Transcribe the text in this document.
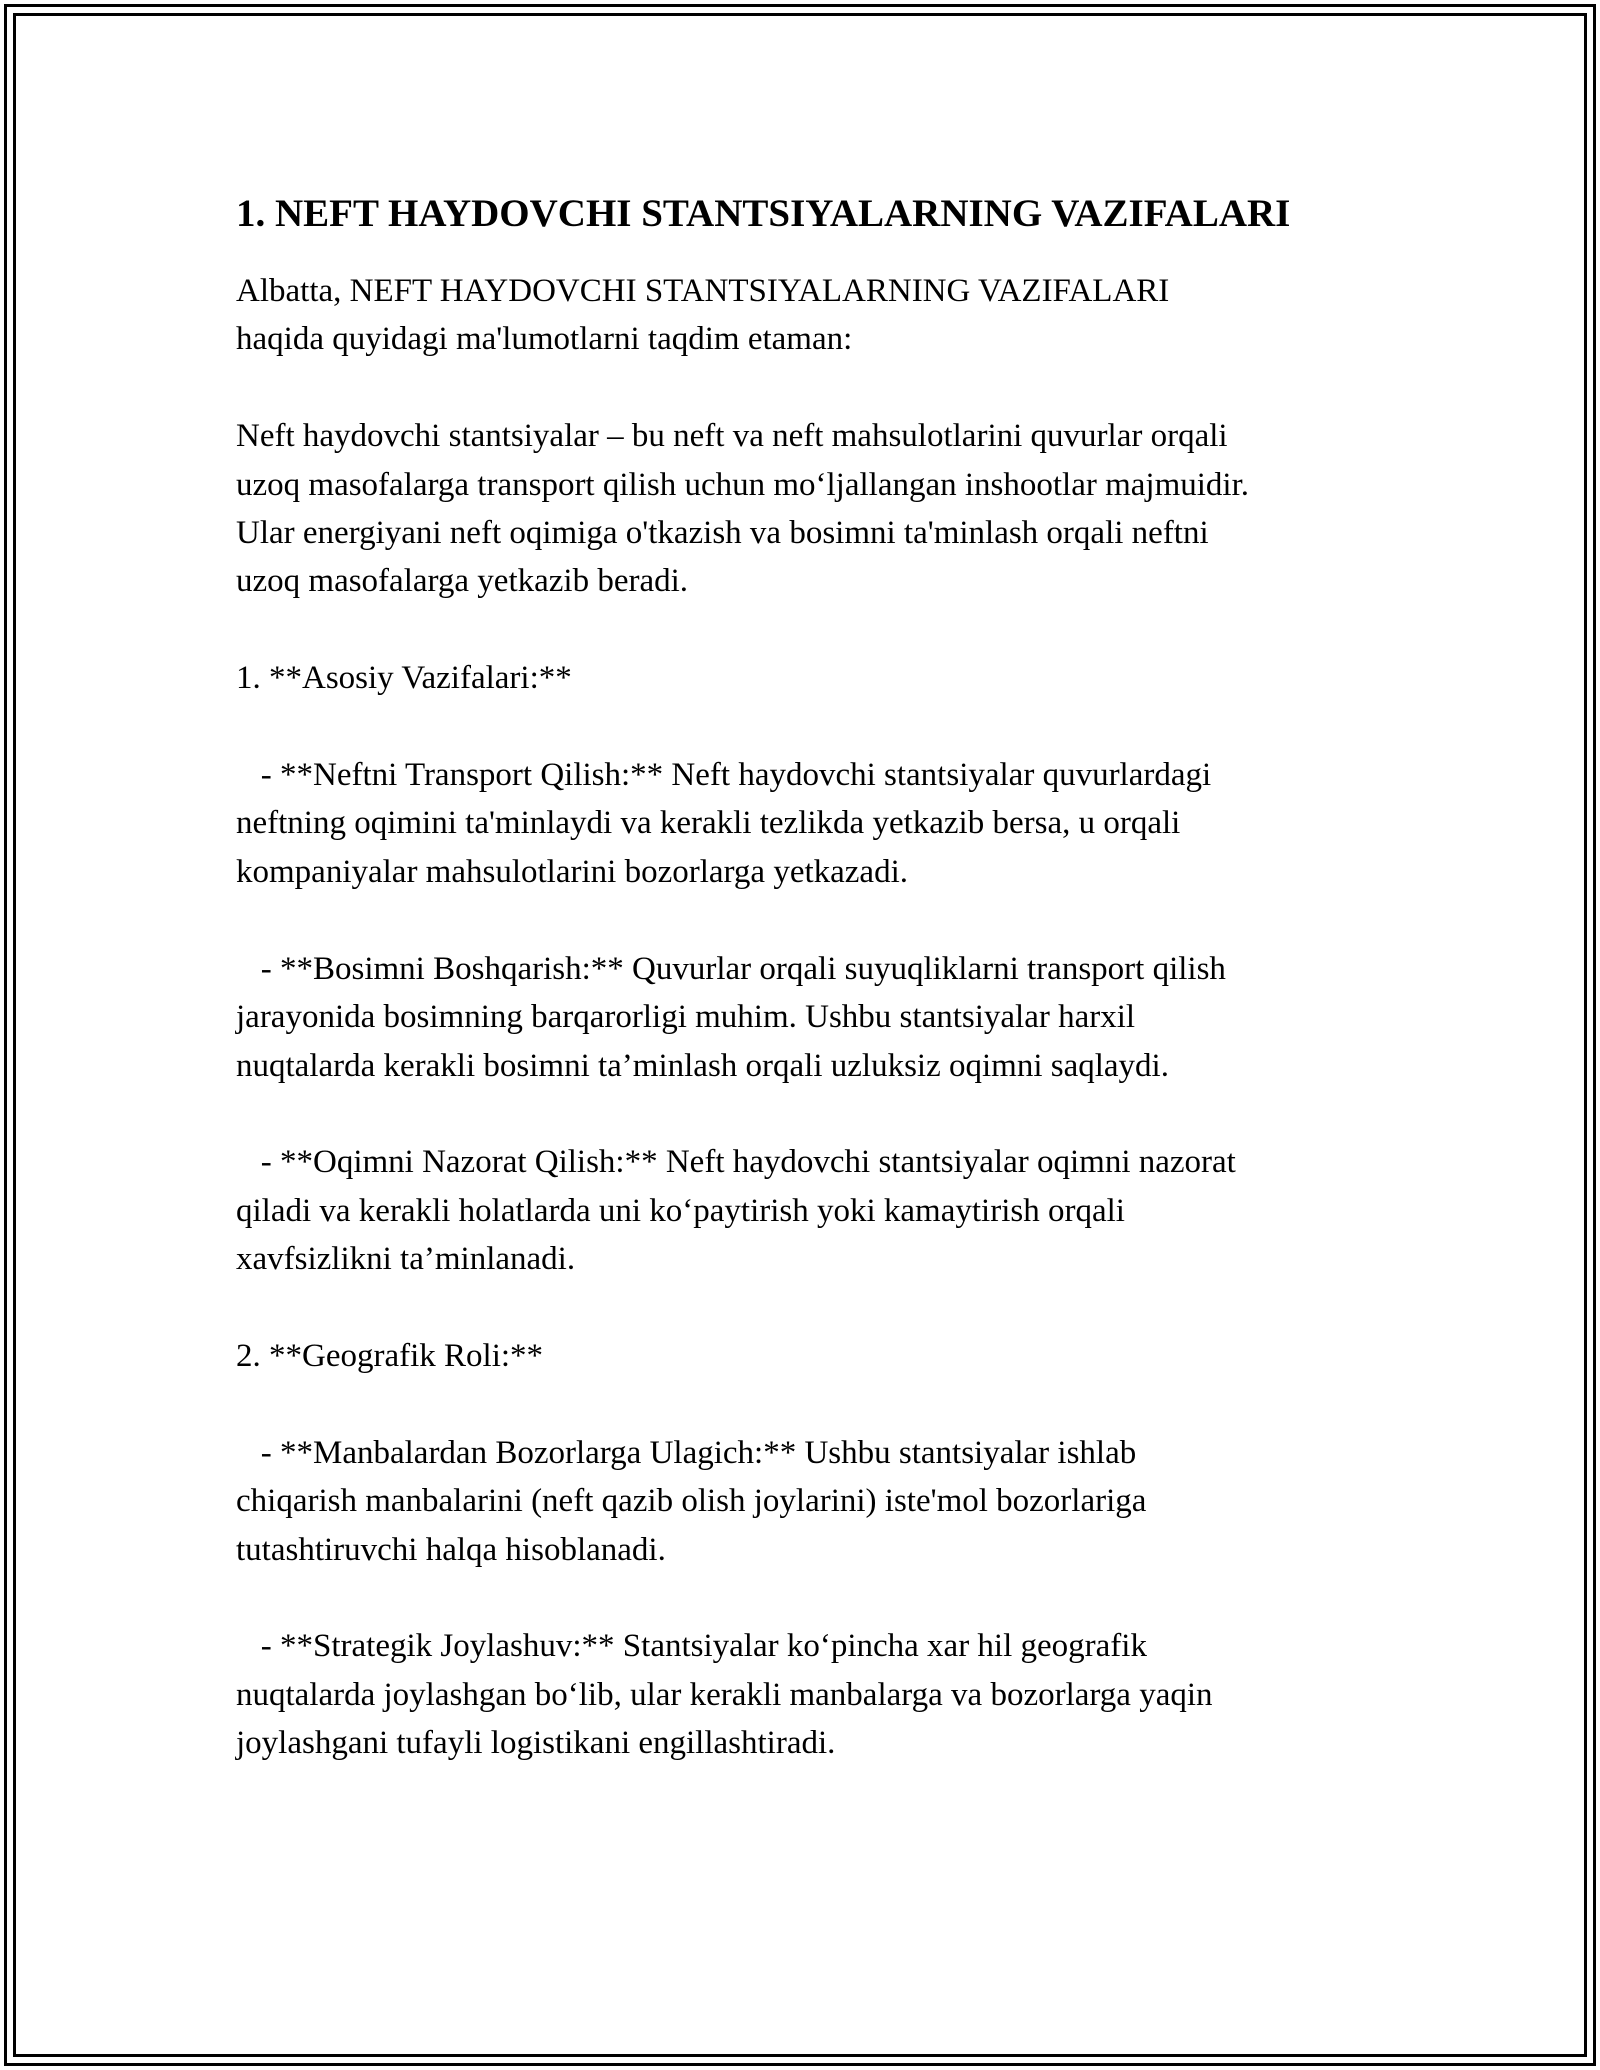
1. NEFT HAYDOVCHI STANTSIYALARNING VAZIFALARI

Albatta, NEFT HAYDOVCHI STANTSIYALARNING VAZIFALARI
haqida quyidagi ma'lumotlarni taqdim etaman:

Neft haydovchi stantsiyalar – bu neft va neft mahsulotlarini quvurlar orqali
uzoq masofalarga transport qilish uchun moʻljallangan inshootlar majmuidir.
Ular energiyani neft oqimiga o'tkazish va bosimni ta'minlash orqali neftni
uzoq masofalarga yetkazib beradi.

1. **Asosiy Vazifalari:**

- **Neftni Transport Qilish:** Neft haydovchi stantsiyalar quvurlardagi
neftning oqimini ta'minlaydi va kerakli tezlikda yetkazib bersa, u orqali
kompaniyalar mahsulotlarini bozorlarga yetkazadi.

- **Bosimni Boshqarish:** Quvurlar orqali suyuqliklarni transport qilish
jarayonida bosimning barqarorligi muhim. Ushbu stantsiyalar harxil
nuqtalarda kerakli bosimni ta’minlash orqali uzluksiz oqimni saqlaydi.

- **Oqimni Nazorat Qilish:** Neft haydovchi stantsiyalar oqimni nazorat
qiladi va kerakli holatlarda uni koʻpaytirish yoki kamaytirish orqali
xavfsizlikni ta’minlanadi.

2. **Geografik Roli:**

- **Manbalardan Bozorlarga Ulagich:** Ushbu stantsiyalar ishlab
chiqarish manbalarini (neft qazib olish joylarini) iste'mol bozorlariga
tutashtiruvchi halqa hisoblanadi.

- **Strategik Joylashuv:** Stantsiyalar koʻpincha xar hil geografik
nuqtalarda joylashgan boʻlib, ular kerakli manbalarga va bozorlarga yaqin
joylashgani tufayli logistikani engillashtiradi.
